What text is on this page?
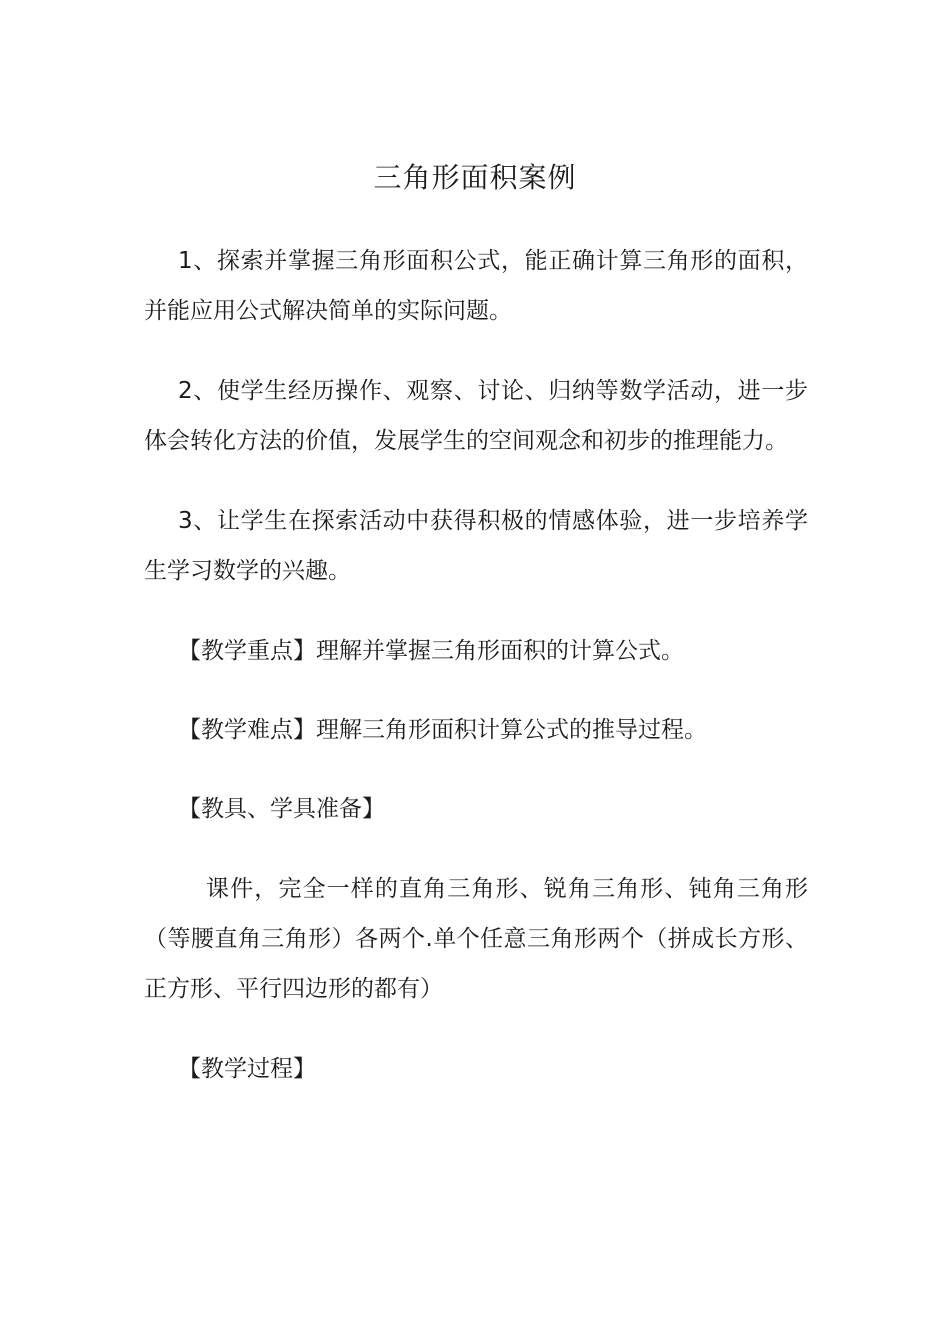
三角形面积案例
1、探索并掌握三角形面积公式，能正确计算三角形的面积，并能应用公式解决简单的实际问题。
2、使学生经历操作、观察、讨论、归纳等数学活动，进一步体会转化方法的价值，发展学生的空间观念和初步的推理能力。
3、让学生在探索活动中获得积极的情感体验，进一步培养学生学习数学的兴趣。
【教学重点】理解并掌握三角形面积的计算公式。
【教学难点】理解三角形面积计算公式的推导过程。
【教具、学具准备】
课件，完全一样的直角三角形、锐角三角形、钝角三角形（等腰直角三角形）各两个.单个任意三角形两个（拼成长方形、正方形、平行四边形的都有）
【教学过程】
